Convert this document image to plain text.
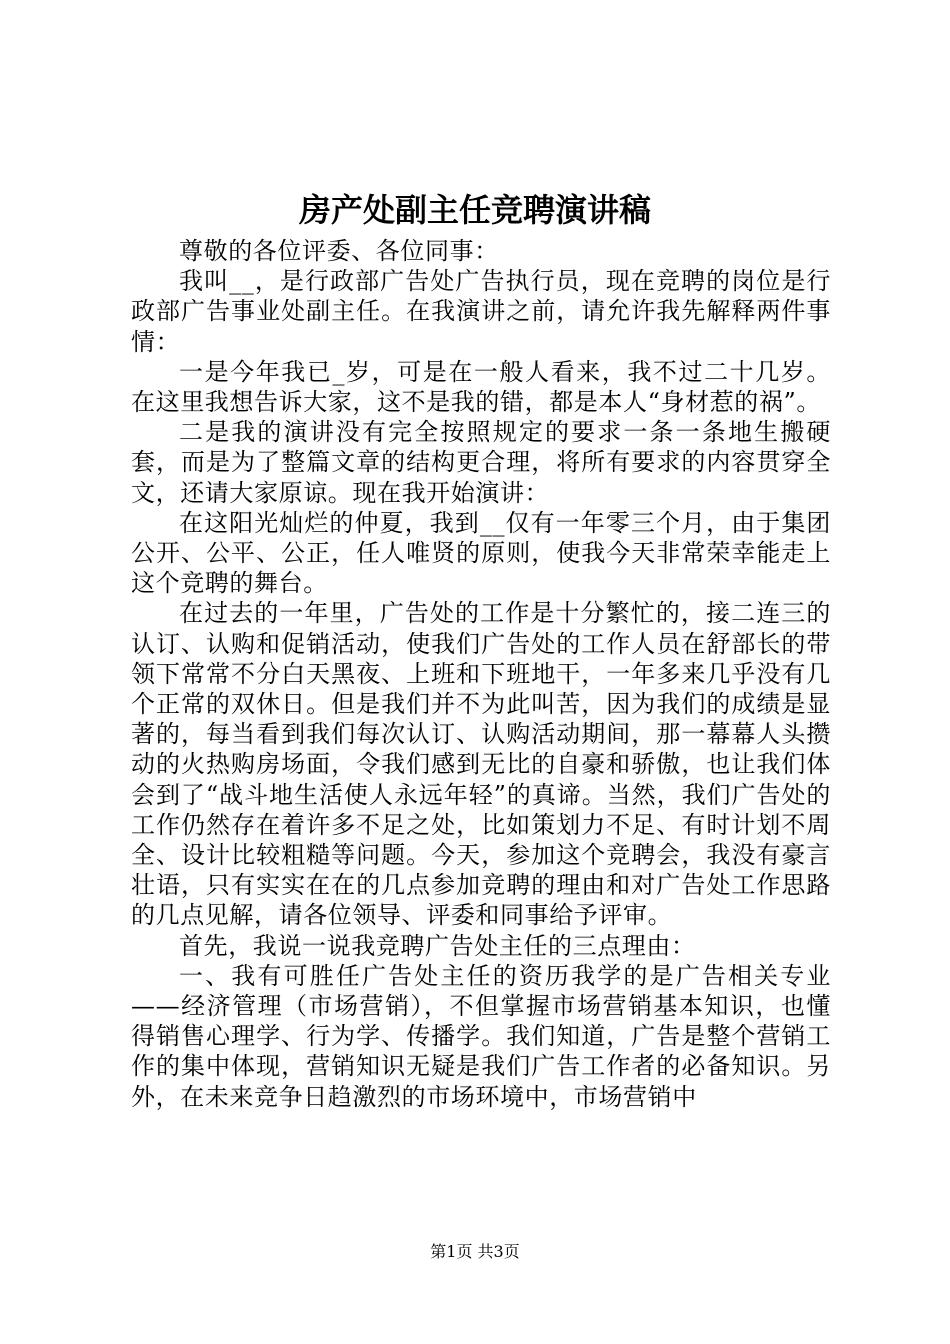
房产处副主任竞聘演讲稿

尊敬的各位评委、各位同事：

我叫__，是行政部广告处广告执行员，现在竞聘的岗位是行政部广告事业处副主任。在我演讲之前，请允许我先解释两件事情：

一是今年我已_岁，可是在一般人看来，我不过二十几岁。在这里我想告诉大家，这不是我的错，都是本人“身材惹的祸”。

二是我的演讲没有完全按照规定的要求一条一条地生搬硬套，而是为了整篇文章的结构更合理，将所有要求的内容贯穿全文，还请大家原谅。现在我开始演讲：

在这阳光灿烂的仲夏，我到__仅有一年零三个月，由于集团公开、公平、公正，任人唯贤的原则，使我今天非常荣幸能走上这个竞聘的舞台。

在过去的一年里，广告处的工作是十分繁忙的，接二连三的认订、认购和促销活动，使我们广告处的工作人员在舒部长的带领下常常不分白天黑夜、上班和下班地干，一年多来几乎没有几个正常的双休日。但是我们并不为此叫苦，因为我们的成绩是显著的，每当看到我们每次认订、认购活动期间，那一幕幕人头攒动的火热购房场面，令我们感到无比的自豪和骄傲，也让我们体会到了“战斗地生活使人永远年轻”的真谛。当然，我们广告处的工作仍然存在着许多不足之处，比如策划力不足、有时计划不周全、设计比较粗糙等问题。今天，参加这个竞聘会，我没有豪言壮语，只有实实在在的几点参加竞聘的理由和对广告处工作思路的几点见解，请各位领导、评委和同事给予评审。

首先，我说一说我竞聘广告处主任的三点理由：

一、我有可胜任广告处主任的资历我学的是广告相关专业——经济管理（市场营销），不但掌握市场营销基本知识，也懂得销售心理学、行为学、传播学。我们知道，广告是整个营销工作的集中体现，营销知识无疑是我们广告工作者的必备知识。另外，在未来竞争日趋激烈的市场环境中，市场营销中

第1页 共3页
